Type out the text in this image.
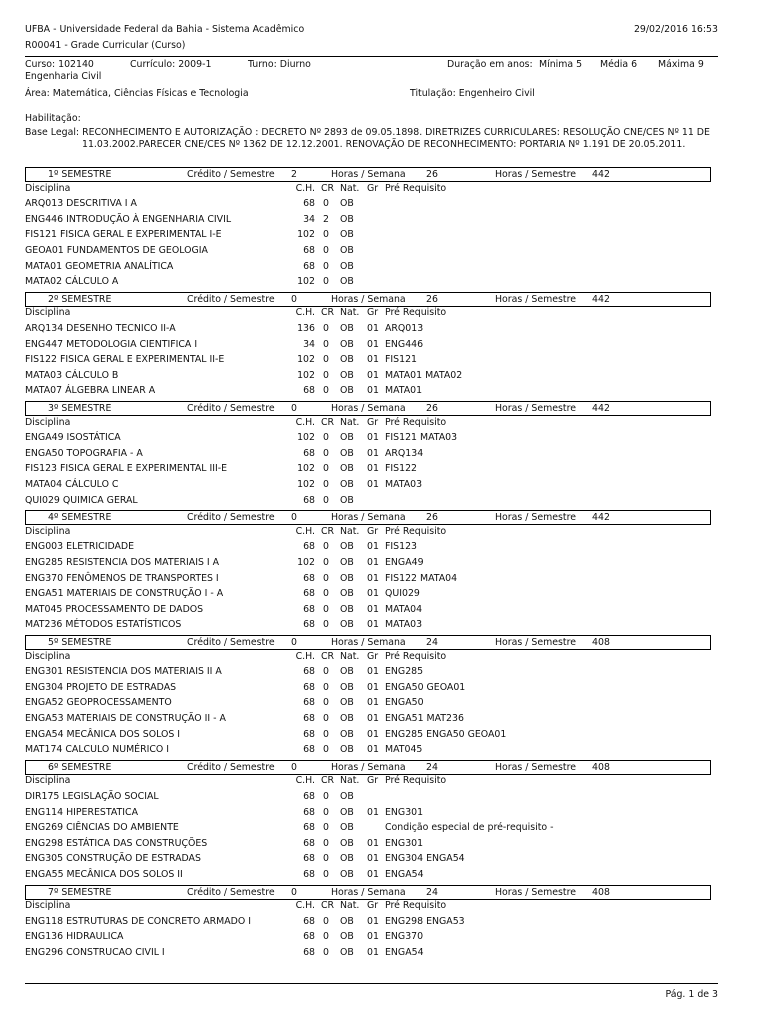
UFBA - Universidade Federal da Bahia - Sistema Acadêmico	29/02/2016 16:53
R00041 - Grade Curricular (Curso)
Curso: 102140	Currículo: 2009-1	Turno: Diurno	Duração em anos: Mínima 5 Média 6 Máxima 9
Engenharia Civil
Área: Matemática, Ciências Físicas e Tecnologia	Titulação: Engenheiro Civil
Habilitação:
Base Legal: RECONHECIMENTO E AUTORIZAÇÃO : DECRETO Nº 2893 de 09.05.1898. DIRETRIZES CURRICULARES: RESOLUÇÃO CNE/CES Nº 11 DE
11.03.2002.PARECER CNE/CES Nº 1362 DE 12.12.2001. RENOVAÇÃO DE RECONHECIMENTO: PORTARIA Nº 1.191 DE 20.05.2011.
1º SEMESTRE	Crédito / Semestre	2	Horas / Semana	26	Horas / Semestre	442
Disciplina	C.H. CR Nat. Gr Pré Requisito
ARQ013 DESCRITIVA I A	68 0 OB
ENG446 INTRODUÇÃO À ENGENHARIA CIVIL	34 2 OB
FIS121 FISICA GERAL E EXPERIMENTAL I-E	102 0 OB
GEOA01 FUNDAMENTOS DE GEOLOGIA	68 0 OB
MATA01 GEOMETRIA ANALÍTICA	68 0 OB
MATA02 CÁLCULO A	102 0 OB
2º SEMESTRE	Crédito / Semestre	0	Horas / Semana	26	Horas / Semestre	442
Disciplina	C.H. CR Nat. Gr Pré Requisito
ARQ134 DESENHO TECNICO II-A	136 0 OB 01 ARQ013
ENG447 METODOLOGIA CIENTIFICA I	34 0 OB 01 ENG446
FIS122 FISICA GERAL E EXPERIMENTAL II-E	102 0 OB 01 FIS121
MATA03 CÁLCULO B	102 0 OB 01 MATA01 MATA02
MATA07 ÁLGEBRA LINEAR A	68 0 OB 01 MATA01
3º SEMESTRE	Crédito / Semestre	0	Horas / Semana	26	Horas / Semestre	442
Disciplina	C.H. CR Nat. Gr Pré Requisito
ENGA49 ISOSTÁTICA	102 0 OB 01 FIS121 MATA03
ENGA50 TOPOGRAFIA - A	68 0 OB 01 ARQ134
FIS123 FISICA GERAL E EXPERIMENTAL III-E	102 0 OB 01 FIS122
MATA04 CÁLCULO C	102 0 OB 01 MATA03
QUI029 QUIMICA GERAL	68 0 OB
4º SEMESTRE	Crédito / Semestre	0	Horas / Semana	26	Horas / Semestre	442
Disciplina	C.H. CR Nat. Gr Pré Requisito
ENG003 ELETRICIDADE	68 0 OB 01 FIS123
ENG285 RESISTENCIA DOS MATERIAIS I A	102 0 OB 01 ENGA49
ENG370 FENÔMENOS DE TRANSPORTES I	68 0 OB 01 FIS122 MATA04
ENGA51 MATERIAIS DE CONSTRUÇÃO I - A	68 0 OB 01 QUI029
MAT045 PROCESSAMENTO DE DADOS	68 0 OB 01 MATA04
MAT236 MÉTODOS ESTATÍSTICOS	68 0 OB 01 MATA03
5º SEMESTRE	Crédito / Semestre	0	Horas / Semana	24	Horas / Semestre	408
Disciplina	C.H. CR Nat. Gr Pré Requisito
ENG301 RESISTENCIA DOS MATERIAIS II A	68 0 OB 01 ENG285
ENG304 PROJETO DE ESTRADAS	68 0 OB 01 ENGA50 GEOA01
ENGA52 GEOPROCESSAMENTO	68 0 OB 01 ENGA50
ENGA53 MATERIAIS DE CONSTRUÇÃO II - A	68 0 OB 01 ENGA51 MAT236
ENGA54 MECÂNICA DOS SOLOS I	68 0 OB 01 ENG285 ENGA50 GEOA01
MAT174 CALCULO NUMÉRICO I	68 0 OB 01 MAT045
6º SEMESTRE	Crédito / Semestre	0	Horas / Semana	24	Horas / Semestre	408
Disciplina	C.H. CR Nat. Gr Pré Requisito
DIR175 LEGISLAÇÃO SOCIAL	68 0 OB
ENG114 HIPERESTATICA	68 0 OB 01 ENG301
ENG269 CIÊNCIAS DO AMBIENTE	68 0 OB	Condição especial de pré-requisito -
ENG298 ESTÁTICA DAS CONSTRUÇÕES	68 0 OB 01 ENG301
ENG305 CONSTRUÇÃO DE ESTRADAS	68 0 OB 01 ENG304 ENGA54
ENGA55 MECÂNICA DOS SOLOS II	68 0 OB 01 ENGA54
7º SEMESTRE	Crédito / Semestre	0	Horas / Semana	24	Horas / Semestre	408
Disciplina	C.H. CR Nat. Gr Pré Requisito
ENG118 ESTRUTURAS DE CONCRETO ARMADO I	68 0 OB 01 ENG298 ENGA53
ENG136 HIDRAULICA	68 0 OB 01 ENG370
ENG296 CONSTRUCAO CIVIL I	68 0 OB 01 ENGA54
Pág. 1 de 3
